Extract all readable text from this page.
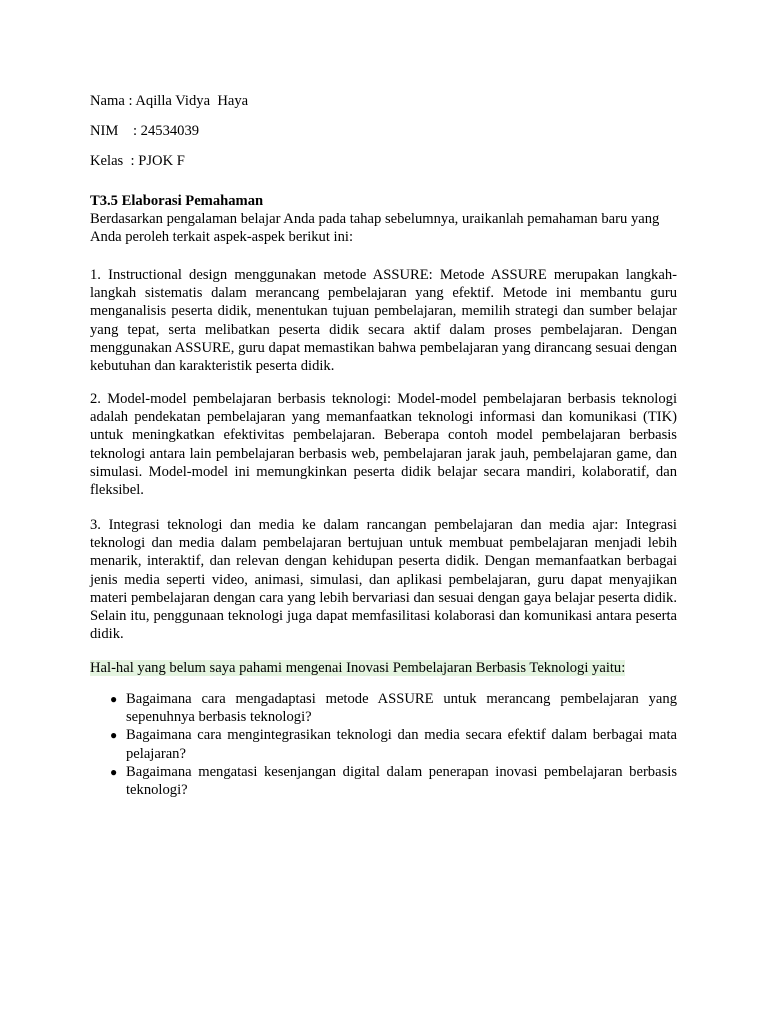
Nama : Aqilla Vidya  Haya

NIM    : 24534039

Kelas  : PJOK F

T3.5 Elaborasi Pemahaman

Berdasarkan pengalaman belajar Anda pada tahap sebelumnya, uraikanlah pemahaman baru yang Anda peroleh terkait aspek-aspek berikut ini:

1. Instructional design menggunakan metode ASSURE: Metode ASSURE merupakan langkah-langkah sistematis dalam merancang pembelajaran yang efektif. Metode ini membantu guru menganalisis peserta didik, menentukan tujuan pembelajaran, memilih strategi dan sumber belajar yang tepat, serta melibatkan peserta didik secara aktif dalam proses pembelajaran. Dengan menggunakan ASSURE, guru dapat memastikan bahwa pembelajaran yang dirancang sesuai dengan kebutuhan dan karakteristik peserta didik.

2. Model-model pembelajaran berbasis teknologi: Model-model pembelajaran berbasis teknologi adalah pendekatan pembelajaran yang memanfaatkan teknologi informasi dan komunikasi (TIK) untuk meningkatkan efektivitas pembelajaran. Beberapa contoh model pembelajaran berbasis teknologi antara lain pembelajaran berbasis web, pembelajaran jarak jauh, pembelajaran game, dan simulasi. Model-model ini memungkinkan peserta didik belajar secara mandiri, kolaboratif, dan fleksibel.

3. Integrasi teknologi dan media ke dalam rancangan pembelajaran dan media ajar: Integrasi teknologi dan media dalam pembelajaran bertujuan untuk membuat pembelajaran menjadi lebih menarik, interaktif, dan relevan dengan kehidupan peserta didik. Dengan memanfaatkan berbagai jenis media seperti video, animasi, simulasi, dan aplikasi pembelajaran, guru dapat menyajikan materi pembelajaran dengan cara yang lebih bervariasi dan sesuai dengan gaya belajar peserta didik. Selain itu, penggunaan teknologi juga dapat memfasilitasi kolaborasi dan komunikasi antara peserta didik.

Hal-hal yang belum saya pahami mengenai Inovasi Pembelajaran Berbasis Teknologi yaitu:

● Bagaimana cara mengadaptasi metode ASSURE untuk merancang pembelajaran yang sepenuhnya berbasis teknologi?
● Bagaimana cara mengintegrasikan teknologi dan media secara efektif dalam berbagai mata pelajaran?
● Bagaimana mengatasi kesenjangan digital dalam penerapan inovasi pembelajaran berbasis teknologi?
